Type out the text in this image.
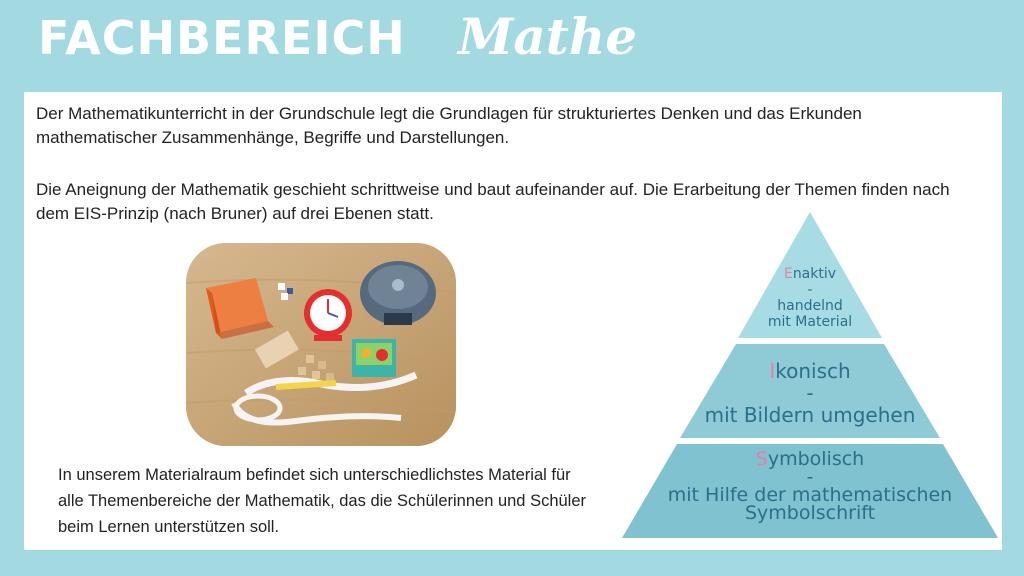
FACHBEREICH Mathe
Der Mathematikunterricht in der Grundschule legt die Grundlagen für strukturiertes Denken und das Erkunden mathematischer Zusammenhänge, Begriffe und Darstellungen.
Die Aneignung der Mathematik geschieht schrittweise und baut aufeinander auf. Die Erarbeitung der Themen finden nach dem EIS-Prinzip (nach Bruner) auf drei Ebenen statt.
In unserem Materialraum befindet sich unterschiedlichstes Material für alle Themenbereiche der Mathematik, das die Schülerinnen und Schüler beim Lernen unterstützen soll.
Enaktiv
-
handelnd
mit Material
Ikonisch
-
mit Bildern umgehen
Symbolisch
-
mit Hilfe der mathematischen
Symbolschrift
